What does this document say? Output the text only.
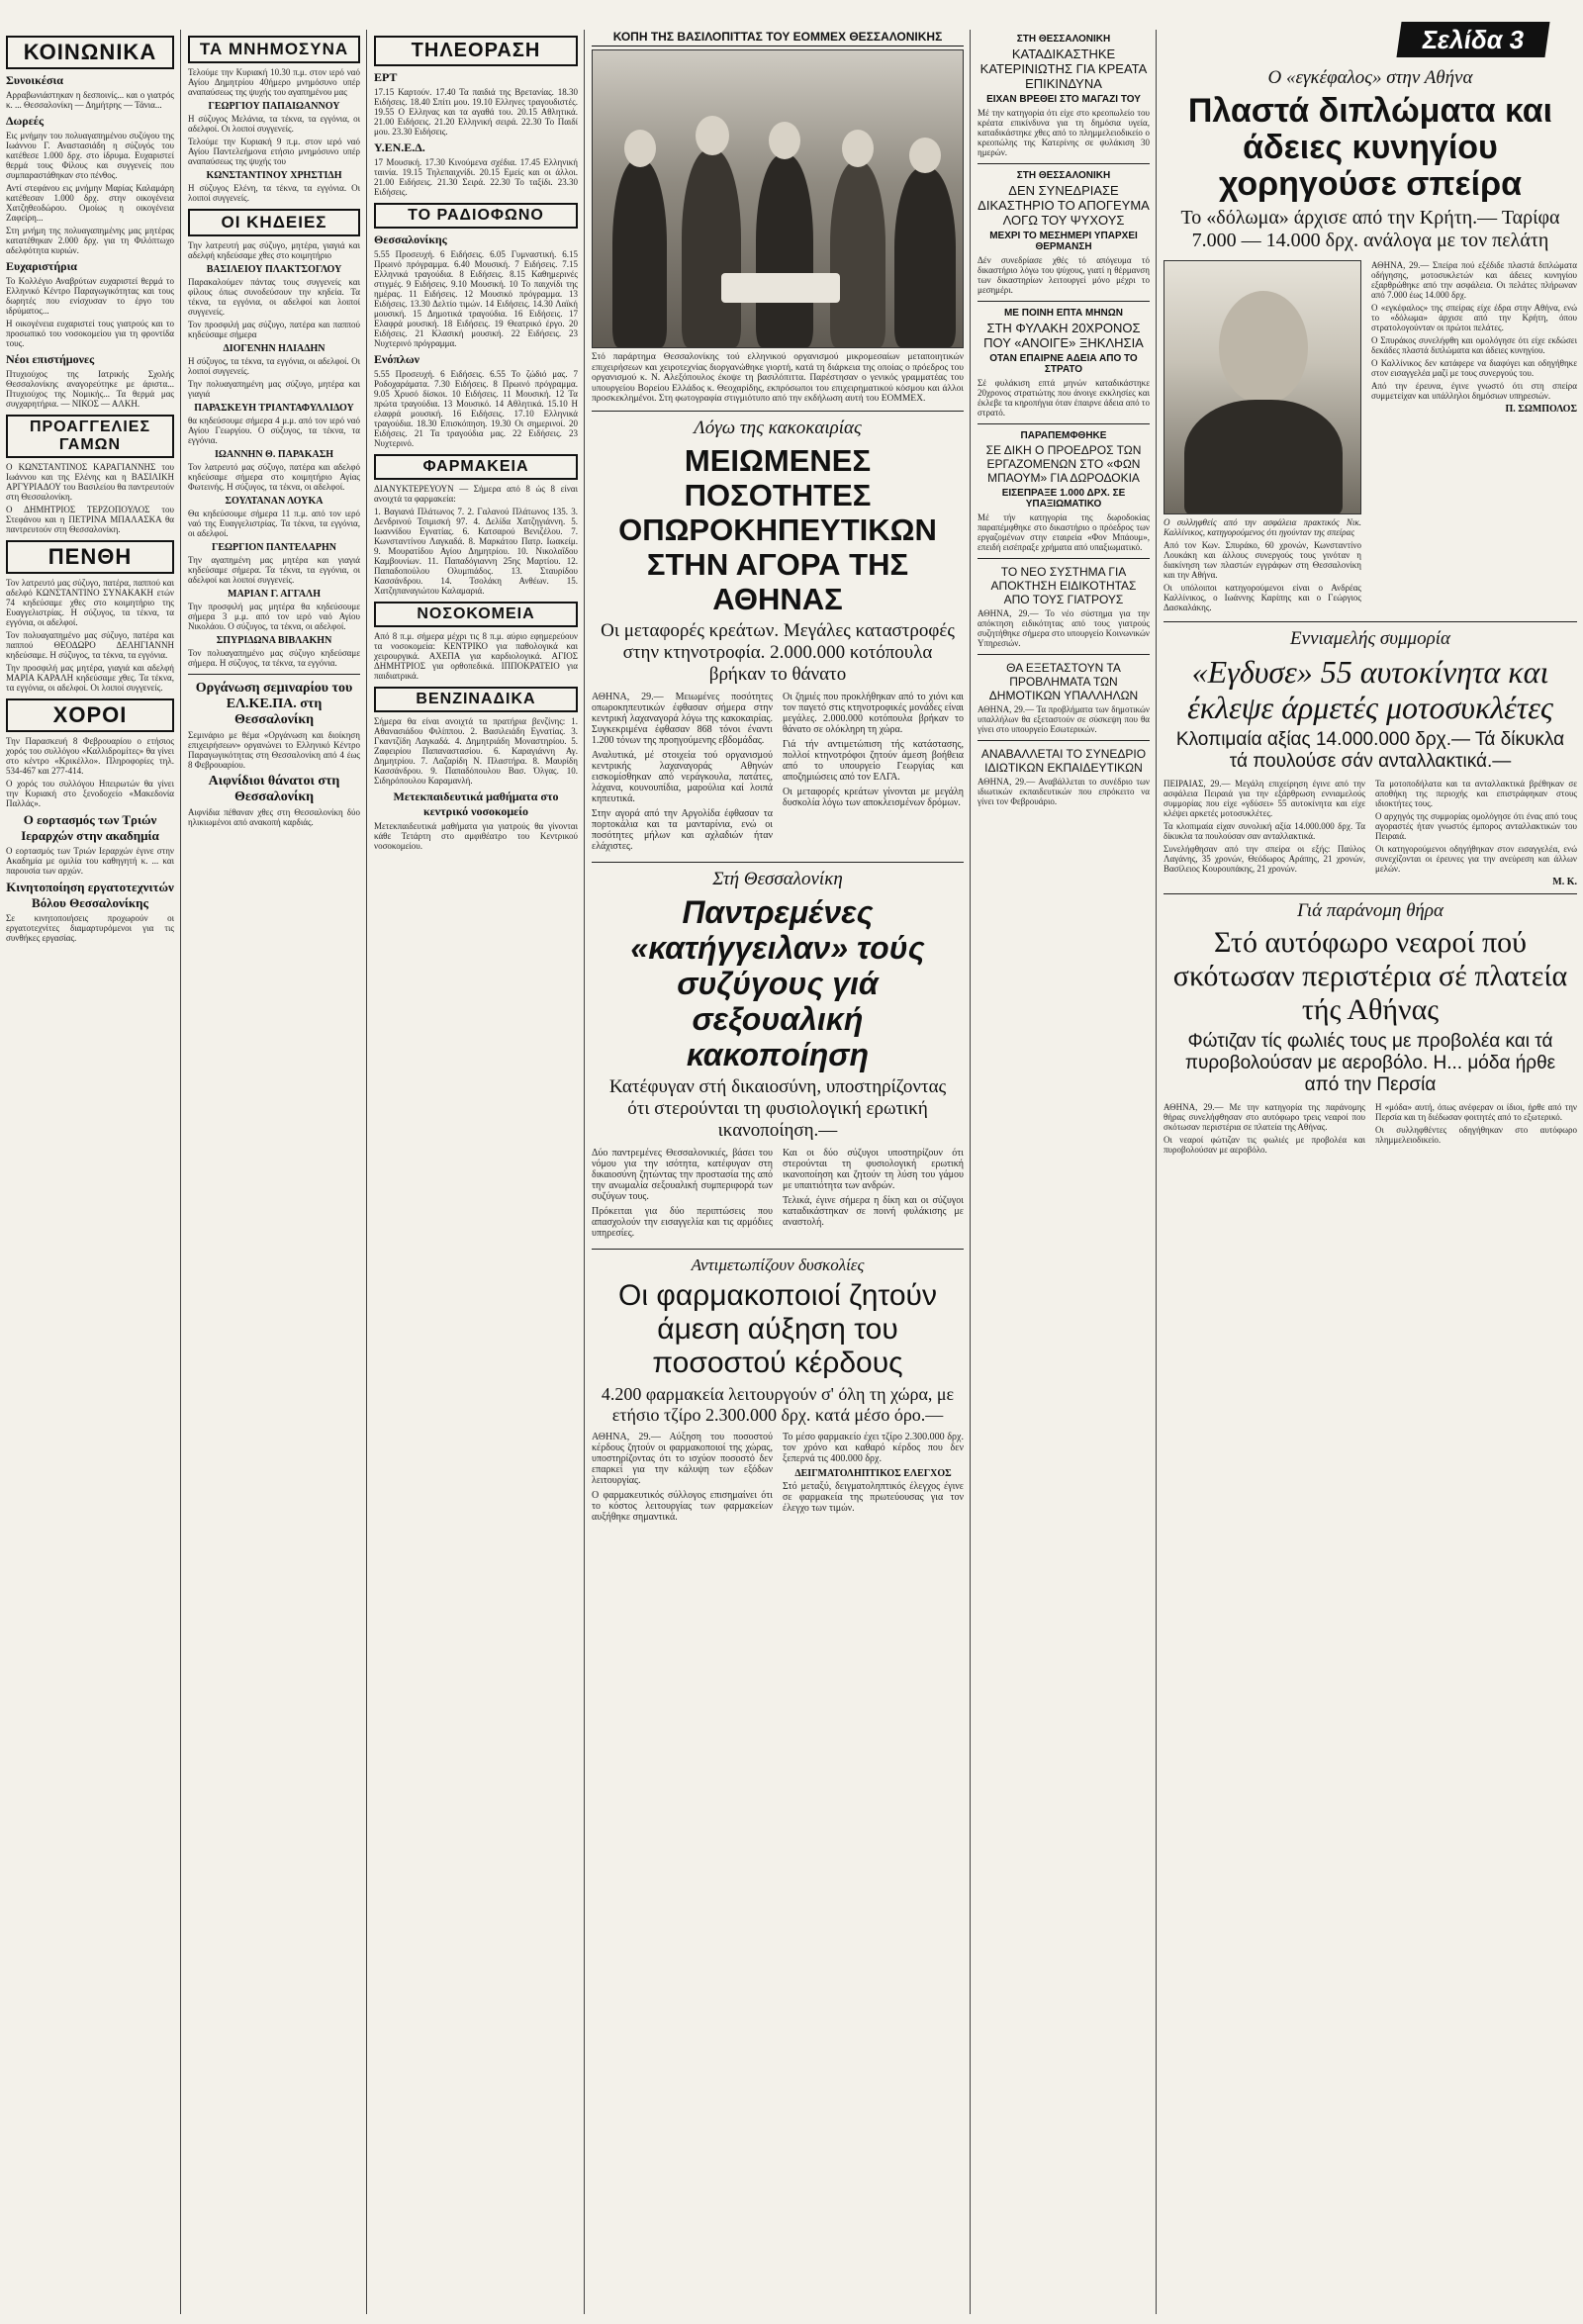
Σελίδα 3
ΚΟΙΝΩΝΙΚΑ
Συνοικέσια

Αρραβωνιάστηκαν η δεσποινίς... και ο γιατρός κ. ... Θεσσαλονίκη — Δημήτρης — Τάνια...

Δωρεές

Εις μνήμην του πολυαγαπημένου συζύγου της Ιωάννου Γ. Αναστασιάδη η σύζυγός του κατέθεσε 1.000 δρχ. στο ίδρυμα. Ευχαριστεί θερμά τους Φίλους και συγγενείς που συμπαραστάθηκαν στο πένθος.

Αντί στεφάνου εις μνήμην Μαρίας Καλαμάρη κατέθεσαν 1.000 δρχ. στην οικογένεια Χατζηθεοδώρου. Ομοίως η οικογένεια Ζαφείρη...

Στη μνήμη της πολυαγαπημένης μας μητέρας κατατέθηκαν 2.000 δρχ. για τη Φιλόπτωχο αδελφότητα κυριών.

Ευχαριστήρια

Το Κολλέγιο Αναβρύτων ευχαριστεί θερμά το Ελληνικό Κέντρο Παραγωγικότητας και τους δωρητές που ενίσχυσαν το έργο του ιδρύματος...

Η οικογένεια ευχαριστεί τους γιατρούς και το προσωπικό του νοσοκομείου για τη φροντίδα τους.

Νέοι επιστήμονες

Πτυχιούχος της Ιατρικής Σχολής Θεσσαλονίκης αναγορεύτηκε με άριστα... Πτυχιούχος της Νομικής... Τα θερμά μας συγχαρητήρια. — ΝΙΚΟΣ — ΑΛΚΗ.

ΠΡΟΑΓΓΕΛΙΕΣ ΓΑΜΩΝ

Ο ΚΩΝΣΤΑΝΤΙΝΟΣ ΚΑΡΑΓΙΑΝΝΗΣ του Ιωάννου και της Ελένης και η ΒΑΣΙΛΙΚΗ ΑΡΓΥΡΙΑΔΟΥ του Βασιλείου θα παντρευτούν στη Θεσσαλονίκη.

Ο ΔΗΜΗΤΡΙΟΣ ΤΕΡΖΟΠΟΥΛΟΣ του Στεφάνου και η ΠΕΤΡΙΝΑ ΜΠΑΛΑΣΚΑ θα παντρευτούν στη Θεσσαλονίκη.

ΠΕΝΘΗ

Τον λατρευτό μας σύζυγο, πατέρα, παππού και αδελφό ΚΩΝΣΤΑΝΤΙΝΟ ΣΥΝΑΚΑΚΗ ετών 74 κηδεύσαμε χθες στο κοιμητήριο της Ευαγγελιστρίας. Η σύζυγος, τα τέκνα, τα εγγόνια, οι αδελφοί.

Τον πολυαγαπημένο μας σύζυγο, πατέρα και παππού ΘΕΟΔΩΡΟ ΔΕΛΗΓΙΑΝΝΗ κηδεύσαμε. Η σύζυγος, τα τέκνα, τα εγγόνια.

Την προσφιλή μας μητέρα, γιαγιά και αδελφή ΜΑΡΙΑ ΚΑΡΑΛΗ κηδεύσαμε χθες. Τα τέκνα, τα εγγόνια, οι αδελφοί. Οι λοιποί συγγενείς.

ΧΟΡΟΙ

Την Παρασκευή 8 Φεβρουαρίου ο ετήσιος χορός του συλλόγου «Καλλιδρομίτες» θα γίνει στο κέντρο «Κρικέλλο». Πληροφορίες τηλ. 534-467 και 277-414.

Ο χορός του συλλόγου Ηπειρωτών θα γίνει την Κυριακή στο ξενοδοχείο «Μακεδονία Παλλάς».

Ο εορτασμός των Τριών Ιεραρχών στην ακαδημία

Ο εορτασμός των Τριών Ιεραρχών έγινε στην Ακαδημία με ομιλία του καθηγητή κ. ... και παρουσία των αρχών.

Κινητοποίηση εργατοτεχνιτών Βόλου Θεσσαλονίκης

Σε κινητοποιήσεις προχωρούν οι εργατοτεχνίτες διαμαρτυρόμενοι για τις συνθήκες εργασίας.

ΤΑ ΜΝΗΜΟΣΥΝΑ

Τελούμε την Κυριακή 10.30 π.μ. στον ιερό ναό Αγίου Δημητρίου 40ήμερο μνημόσυνο υπέρ αναπαύσεως της ψυχής του αγαπημένου μας

ΓΕΩΡΓΙΟΥ ΠΑΠΑΙΩΑΝΝΟΥ

Η σύζυγος Μελάνια, τα τέκνα, τα εγγόνια, οι αδελφοί. Οι λοιποί συγγενείς.

Τελούμε την Κυριακή 9 π.μ. στον ιερό ναό Αγίου Παντελεήμονα ετήσιο μνημόσυνο υπέρ αναπαύσεως της ψυχής του

ΚΩΝΣΤΑΝΤΙΝΟΥ ΧΡΗΣΤΙΔΗ

Η σύζυγος Ελένη, τα τέκνα, τα εγγόνια. Οι λοιποί συγγενείς.

ΟΙ ΚΗΔΕΙΕΣ

Την λατρευτή μας σύζυγο, μητέρα, γιαγιά και αδελφή κηδεύσαμε χθες στο κοιμητήριο

ΒΑΣΙΛΕΙΟΥ ΠΛΑΚΤΣΟΓΛΟΥ

Παρακαλούμεν πάντας τους συγγενείς και φίλους όπως συνοδεύσουν την κηδεία. Τα τέκνα, τα εγγόνια, οι αδελφοί και λοιποί συγγενείς.

Τον προσφιλή μας σύζυγο, πατέρα και παππού κηδεύσαμε σήμερα

ΔΙΟΓΕΝΗΝ ΗΛΙΑΔΗΝ

Η σύζυγος, τα τέκνα, τα εγγόνια, οι αδελφοί. Οι λοιποί συγγενείς.

Την πολυαγαπημένη μας σύζυγο, μητέρα και γιαγιά

ΠΑΡΑΣΚΕΥΗ ΤΡΙΑΝΤΑΦΥΛΛΙΔΟΥ

θα κηδεύσουμε σήμερα 4 μ.μ. από τον ιερό ναό Αγίου Γεωργίου. Ο σύζυγος, τα τέκνα, τα εγγόνια.

ΙΩΑΝΝΗΝ Θ. ΠΑΡΑΚΑΣΗ

Τον λατρευτό μας σύζυγο, πατέρα και αδελφό κηδεύσαμε σήμερα στο κοιμητήριο Αγίας Φωτεινής. Η σύζυγος, τα τέκνα, οι αδελφοί.

ΣΟΥΛΤΑΝΑΝ ΛΟΥΚΑ

Θα κηδεύσουμε σήμερα 11 π.μ. από τον ιερό ναό της Ευαγγελιστρίας. Τα τέκνα, τα εγγόνια, οι αδελφοί.

ΓΕΩΡΓΙΟΝ ΠΑΝΤΕΛΑΡΗΝ

Την αγαπημένη μας μητέρα και γιαγιά κηδεύσαμε σήμερα. Τα τέκνα, τα εγγόνια, οι αδελφοί και λοιποί συγγενείς.

ΜΑΡΙΑΝ Γ. ΑΓΓΑΛΗ

Την προσφιλή μας μητέρα θα κηδεύσουμε σήμερα 3 μ.μ. από τον ιερό ναό Αγίου Νικολάου. Ο σύζυγος, τα τέκνα, οι αδελφοί.

ΣΠΥΡΙΔΩΝΑ ΒΙΒΛΑΚΗΝ

Τον πολυαγαπημένο μας σύζυγο κηδεύσαμε σήμερα. Η σύζυγος, τα τέκνα, τα εγγόνια.

Οργάνωση σεμιναρίου του ΕΛ.ΚΕ.ΠΑ. στη Θεσσαλονίκη

Σεμινάριο με θέμα «Οργάνωση και διοίκηση επιχειρήσεων» οργανώνει το Ελληνικό Κέντρο Παραγωγικότητας στη Θεσσαλονίκη από 4 έως 8 Φεβρουαρίου.

Αιφνίδιοι θάνατοι στη Θεσσαλονίκη

Αιφνίδια πέθαναν χθες στη Θεσσαλονίκη δύο ηλικιωμένοι από ανακοπή καρδιάς.

ΤΗΛΕΟΡΑΣΗ
ΕΡΤ

17.15 Καρτούν. 17.40 Τα παιδιά της Βρετανίας. 18.30 Ειδήσεις. 18.40 Σπίτι μου. 19.10 Ελληνες τραγουδιστές. 19.55 Ο Ελληνας και τα αγαθά του. 20.15 Αθλητικά. 21.00 Ειδήσεις. 21.20 Ελληνική σειρά. 22.30 Το Παιδί μου. 23.30 Ειδήσεις.

Υ.ΕΝ.Ε.Δ.

17 Μουσική. 17.30 Κινούμενα σχέδια. 17.45 Ελληνική ταινία. 19.15 Τηλεπαιχνίδι. 20.15 Εμείς και οι άλλοι. 21.00 Ειδήσεις. 21.30 Σειρά. 22.30 Το ταξίδι. 23.30 Ειδήσεις.

ΤΟ ΡΑΔΙΟΦΩΝΟ
Θεσσαλονίκης

5.55 Προσευχή. 6 Ειδήσεις. 6.05 Γυμναστική. 6.15 Πρωινό πρόγραμμα. 6.40 Μουσική. 7 Ειδήσεις. 7.15 Ελληνικά τραγούδια. 8 Ειδήσεις. 8.15 Καθημερινές στιγμές. 9 Ειδήσεις. 9.10 Μουσική. 10 Το παιχνίδι της ημέρας. 11 Ειδήσεις. 12 Μουσικό πρόγραμμα. 13 Ειδήσεις. 13.30 Δελτίο τιμών. 14 Ειδήσεις. 14.30 Λαϊκή μουσική. 15 Δημοτικά τραγούδια. 16 Ειδήσεις. 17 Ελαφρά μουσική. 18 Ειδήσεις. 19 Θεατρικό έργο. 20 Ειδήσεις. 21 Κλασική μουσική. 22 Ειδήσεις. 23 Νυχτερινό πρόγραμμα.

Ενόπλων

5.55 Προσευχή. 6 Ειδήσεις. 6.55 Το ζώδιό μας. 7 Ροδοχαράματα. 7.30 Ειδήσεις. 8 Πρωινό πρόγραμμα. 9.05 Χρυσό δίσκοι. 10 Ειδήσεις. 11 Μουσική. 12 Τα πρώτα τραγούδια. 13 Μουσικό. 14 Αθλητικά. 15.10 Η ελαφρά μουσική. 16 Ειδήσεις. 17.10 Ελληνικά τραγούδια. 18.30 Επισκόπηση. 19.30 Οι σημερινοί. 20 Ειδήσεις. 21 Τα τραγούδια μας. 22 Ειδήσεις. 23 Νυχτερινό.

ΦΑΡΜΑΚΕΙΑ

ΔΙΑΝΥΚΤΕΡΕΥΟΥΝ — Σήμερα από 8 ώς 8 είναι ανοιχτά τα φαρμακεία:

1. Βαγιανά Πλάτωνος 7. 2. Γαλανού Πλάτωνος 135. 3. Δενδρινού Τσιμισκή 97. 4. Δελίδα Χατζηγιάννη. 5. Ιωαννίδου Εγνατίας. 6. Κατσαρού Βενιζέλου. 7. Κωνσταντίνου Λαγκαδά. 8. Μαρκάτου Πατρ. Ιωακείμ. 9. Μουρατίδου Αγίου Δημητρίου. 10. Νικολαΐδου Καμβουνίων. 11. Παπαδόγιαννη 25ης Μαρτίου. 12. Παπαδοπούλου Ολυμπιάδος. 13. Σταυρίδου Κασσάνδρου. 14. Τσολάκη Ανθέων. 15. Χατζηπαναγιώτου Καλαμαριά.

ΝΟΣΟΚΟΜΕΙΑ

Από 8 π.μ. σήμερα μέχρι τις 8 π.μ. αύριο εφημερεύουν τα νοσοκομεία: ΚΕΝΤΡΙΚΟ για παθολογικά και χειρουργικά. ΑΧΕΠΑ για καρδιολογικά. ΑΓΙΟΣ ΔΗΜΗΤΡΙΟΣ για ορθοπεδικά. ΙΠΠΟΚΡΑΤΕΙΟ για παιδιατρικά.

ΒΕΝΖΙΝΑΔΙΚΑ

Σήμερα θα είναι ανοιχτά τα πρατήρια βενζίνης: 1. Αθανασιάδου Φιλίππου. 2. Βασιλειάδη Εγνατίας. 3. Γκαντζίδη Λαγκαδά. 4. Δημητριάδη Μοναστηρίου. 5. Ζαφειρίου Παπαναστασίου. 6. Καραγιάννη Αγ. Δημητρίου. 7. Λαζαρίδη Ν. Πλαστήρα. 8. Μαυρίδη Κασσάνδρου. 9. Παπαδόπουλου Βασ. Όλγας. 10. Σιδηρόπουλου Καραμανλή.

Μετεκπαιδευτικά μαθήματα στο κεντρικό νοσοκομείο

Μετεκπαιδευτικά μαθήματα για γιατρούς θα γίνονται κάθε Τετάρτη στο αμφιθέατρο του Κεντρικού νοσοκομείου.

ΚΟΠΗ ΤΗΣ ΒΑΣΙΛΟΠΙΤΤΑΣ ΤΟΥ ΕΟΜΜΕΧ ΘΕΣΣΑΛΟΝΙΚΗΣ

Στό παράρτημα Θεσσαλονίκης τού ελληνικού οργανισμού μικρομεσαίων μεταποιητικών επιχειρήσεων και χειροτεχνίας διοργανώθηκε γιορτή, κατά τη διάρκεια της οποίας ο πρόεδρος του οργανισμού κ. Ν. Αλεξόπουλος έκοψε τη βασιλόπιττα. Παρέστησαν ο γενικός γραμματέας του υπουργείου Βορείου Ελλάδος κ. Θεοχαρίδης, εκπρόσωποι του επιχειρηματικού κόσμου και άλλοι προσκεκλημένοι. Στη φωτογραφία στιγμιότυπο από την εκδήλωση αυτή του ΕΟΜΜΕΧ.

Λόγω της κακοκαιρίας
ΜΕΙΩΜΕΝΕΣ ΠΟΣΟΤΗΤΕΣ ΟΠΩΡΟΚΗΠΕΥΤΙΚΩΝ ΣΤΗΝ ΑΓΟΡΑ ΤΗΣ ΑΘΗΝΑΣ
Οι μεταφορές κρεάτων. Μεγάλες καταστροφές στην κτηνοτροφία. 2.000.000 κοτόπουλα βρήκαν το θάνατο

ΑΘΗΝΑ, 29.— Μειωμένες ποσότητες οπωροκηπευτικών έφθασαν σήμερα στην κεντρική λαχαναγορά λόγω της κακοκαιρίας. Συγκεκριμένα έφθασαν 868 τόνοι έναντι 1.200 τόνων της προηγούμενης εβδομάδας.

Αναλυτικά, μέ στοιχεία τού οργανισμού κεντρικής λαχαναγοράς Αθηνών εισκομίσθηκαν από νεράγκουλα, πατάτες, λάχανα, κουνουπίδια, μαρούλια καί λοιπά κηπευτικά.

Στην αγορά από την Αργολίδα έφθασαν τα πορτοκάλια και τα μανταρίνια, ενώ οι ποσότητες μήλων και αχλαδιών ήταν ελάχιστες.

Οι ζημιές που προκλήθηκαν από το χιόνι και τον παγετό στις κτηνοτροφικές μονάδες είναι μεγάλες. 2.000.000 κοτόπουλα βρήκαν το θάνατο σε ολόκληρη τη χώρα.

Γιά τήν αντιμετώπιση τής κατάστασης, πολλοί κτηνοτρόφοι ζητούν άμεση βοήθεια από το υπουργείο Γεωργίας και αποζημιώσεις από τον ΕΛΓΑ.

Οι μεταφορές κρεάτων γίνονται με μεγάλη δυσκολία λόγω των αποκλεισμένων δρόμων.

Στή Θεσσαλονίκη
Παντρεμένες «κατήγγειλαν» τούς συζύγους γιά σεξουαλική κακοποίηση
Κατέφυγαν στή δικαιοσύνη, υποστηρίζοντας ότι στερούνται τη φυσιολογική ερωτική ικανοποίηση.—

Δύο παντρεμένες Θεσσαλονικιές, βάσει του νόμου για την ισότητα, κατέφυγαν στη δικαιοσύνη ζητώντας την προστασία της από την ανωμαλία σεξουαλική συμπεριφορά των συζύγων τους.

Πρόκειται για δύο περιπτώσεις που απασχολούν την εισαγγελία και τις αρμόδιες υπηρεσίες.

Και οι δύο σύζυγοι υποστηρίζουν ότι στερούνται τη φυσιολογική ερωτική ικανοποίηση και ζητούν τη λύση του γάμου με υπαιτιότητα των ανδρών.

Τελικά, έγινε σήμερα η δίκη και οι σύζυγοι καταδικάστηκαν σε ποινή φυλάκισης με αναστολή.

Αντιμετωπίζουν δυσκολίες
Οι φαρμακοποιοί ζητούν άμεση αύξηση του ποσοστού κέρδους
4.200 φαρμακεία λειτουργούν σ' όλη τη χώρα, με ετήσιο τζίρο 2.300.000 δρχ. κατά μέσο όρο.—

ΑΘΗΝΑ, 29.— Αύξηση του ποσοστού κέρδους ζητούν οι φαρμακοποιοί της χώρας, υποστηρίζοντας ότι το ισχύον ποσοστό δεν επαρκεί για την κάλυψη των εξόδων λειτουργίας.

Ο φαρμακευτικός σύλλογος επισημαίνει ότι το κόστος λειτουργίας των φαρμακείων αυξήθηκε σημαντικά.

Το μέσο φαρμακείο έχει τζίρο 2.300.000 δρχ. τον χρόνο και καθαρό κέρδος που δεν ξεπερνά τις 400.000 δρχ.

ΔΕΙΓΜΑΤΟΛΗΠΤΙΚΟΣ ΕΛΕΓΧΟΣ

Στό μεταξύ, δειγματοληπτικός έλεγχος έγινε σε φαρμακεία της πρωτεύουσας για τον έλεγχο των τιμών.

ΣΤΗ ΘΕΣΣΑΛΟΝΙΚΗ
ΚΑΤΑΔΙΚΑΣΤΗΚΕ ΚΑΤΕΡΙΝΙΩΤΗΣ ΓΙΑ ΚΡΕΑΤΑ ΕΠΙΚΙΝΔΥΝΑ
ΕΙΧΑΝ ΒΡΕΘΕΙ ΣΤΟ ΜΑΓΑΖΙ ΤΟΥ

Μέ την κατηγορία ότι είχε στο κρεοπωλείο του κρέατα επικίνδυνα για τη δημόσια υγεία, καταδικάστηκε χθες από το πλημμελειοδικείο ο κρεοπώλης της Κατερίνης σε φυλάκιση 30 ημερών.

ΣΤΗ ΘΕΣΣΑΛΟΝΙΚΗ
ΔΕΝ ΣΥΝΕΔΡΙΑΣΕ ΔΙΚΑΣΤΗΡΙΟ ΤΟ ΑΠΟΓΕΥΜΑ ΛΟΓΩ ΤΟΥ ΨΥΧΟΥΣ
ΜΕΧΡΙ ΤΟ ΜΕΣΗΜΕΡΙ ΥΠΑΡΧΕΙ ΘΕΡΜΑΝΣΗ

Δέν συνεδρίασε χθές τό απόγευμα τό δικαστήριο λόγω του ψύχους, γιατί η θέρμανση των δικαστηρίων λειτουργεί μόνο μέχρι το μεσημέρι.

ΜΕ ΠΟΙΝΗ ΕΠΤΑ ΜΗΝΩΝ
ΣΤΗ ΦΥΛΑΚΗ 20ΧΡΟΝΟΣ ΠΟΥ «ΑΝΟΙΓΕ» ΞΗΚΛΗΣΙΑ
ΟΤΑΝ ΕΠΑΙΡΝΕ ΑΔΕΙΑ ΑΠΟ ΤΟ ΣΤΡΑΤΟ

Σέ φυλάκιση επτά μηνών καταδικάστηκε 20χρονος στρατιώτης που άνοιγε εκκλησίες και έκλεβε τα κηροπήγια όταν έπαιρνε άδεια από το στρατό.

ΠΑΡΑΠΕΜΦΘΗΚΕ
ΣΕ ΔΙΚΗ Ο ΠΡΟΕΔΡΟΣ ΤΩΝ ΕΡΓΑΖΟΜΕΝΩΝ ΣΤΟ «ΦΩΝ ΜΠΑΟΥΜ» ΓΙΑ ΔΩΡΟΔΟΚΙΑ
ΕΙΣΕΠΡΑΞΕ 1.000 ΔΡΧ. ΣΕ ΥΠΑΞΙΩΜΑΤΙΚΟ

Μέ τήν κατηγορία της δωροδοκίας παραπέμφθηκε στο δικαστήριο ο πρόεδρος των εργαζομένων στην εταιρεία «Φον Μπάουμ», επειδή εισέπραξε χρήματα από υπαξιωματικό.

ΤΟ ΝΕΟ ΣΥΣΤΗΜΑ ΓΙΑ ΑΠΟΚΤΗΣΗ ΕΙΔΙΚΟΤΗΤΑΣ ΑΠΟ ΤΟΥΣ ΓΙΑΤΡΟΥΣ

ΑΘΗΝΑ, 29.— Το νέο σύστημα για την απόκτηση ειδικότητας από τους γιατρούς συζητήθηκε σήμερα στο υπουργείο Κοινωνικών Υπηρεσιών.

ΘΑ ΕΞΕΤΑΣΤΟΥΝ ΤΑ ΠΡΟΒΛΗΜΑΤΑ ΤΩΝ ΔΗΜΟΤΙΚΩΝ ΥΠΑΛΛΗΛΩΝ

ΑΘΗΝΑ, 29.— Τα προβλήματα των δημοτικών υπαλλήλων θα εξεταστούν σε σύσκεψη που θα γίνει στο υπουργείο Εσωτερικών.

ΑΝΑΒΑΛΛΕΤΑΙ ΤΟ ΣΥΝΕΔΡΙΟ ΙΔΙΩΤΙΚΩΝ ΕΚΠΑΙΔΕΥΤΙΚΩΝ

ΑΘΗΝΑ, 29.— Αναβάλλεται το συνέδριο των ιδιωτικών εκπαιδευτικών που επρόκειτο να γίνει τον Φεβρουάριο.

Ο «εγκέφαλος» στην Αθήνα
Πλαστά διπλώματα και άδειες κυνηγίου χορηγούσε σπείρα
Το «δόλωμα» άρχισε από την Κρήτη.— Ταρίφα 7.000 — 14.000 δρχ. ανάλογα με τον πελάτη

Ο συλληφθείς από την ασφάλεια πρακτικός Νικ. Καλλίνικος, κατηγορούμενος ότι ηγούνταν της σπείρας

Από τον Κων. Σπυράκο, 60 χρονών, Κωνσταντίνο Λουκάκη και άλλους συνεργούς τους γινόταν η διακίνηση των πλαστών εγγράφων στη Θεσσαλονίκη και την Αθήνα.

Οι υπόλοιποι κατηγορούμενοι είναι ο Ανδρέας Καλλίνικος, ο Ιωάννης Καρίπης και ο Γεώργιος Δασκαλάκης.

ΑΘΗΝΑ, 29.— Σπείρα πού εξέδιδε πλαστά διπλώματα οδήγησης, μοτοσυκλετών και άδειες κυνηγίου εξαρθρώθηκε από την ασφάλεια. Οι πελάτες πλήρωναν από 7.000 έως 14.000 δρχ.

Ο «εγκέφαλος» της σπείρας είχε έδρα στην Αθήνα, ενώ το «δόλωμα» άρχισε από την Κρήτη, όπου στρατολογούνταν οι πρώτοι πελάτες.

Ο Σπυράκος συνελήφθη και ομολόγησε ότι είχε εκδώσει δεκάδες πλαστά διπλώματα και άδειες κυνηγίου.

Ο Καλλίνικος δεν κατάφερε να διαφύγει και οδηγήθηκε στον εισαγγελέα μαζί με τους συνεργούς του.

Από την έρευνα, έγινε γνωστό ότι στη σπείρα συμμετείχαν και υπάλληλοι δημόσιων υπηρεσιών.

Π. ΣΩΜΠΟΛΟΣ
Εννιαμελής συμμορία
«Εγδυσε» 55 αυτοκίνητα και έκλεψε άρμετές μοτοσυκλέτες
Κλοπιμαία αξίας 14.000.000 δρχ.— Τά δίκυκλα τά πουλούσε σάν ανταλλακτικά.—

ΠΕΙΡΑΙΑΣ, 29.— Μεγάλη επιχείρηση έγινε από την ασφάλεια Πειραιά για την εξάρθρωση εννιαμελούς συμμορίας που είχε «γδύσει» 55 αυτοκίνητα και είχε κλέψει αρκετές μοτοσυκλέτες.

Τα κλοπιμαία είχαν συνολική αξία 14.000.000 δρχ. Τα δίκυκλα τα πουλούσαν σαν ανταλλακτικά.

Συνελήφθησαν από την σπείρα οι εξής: Παύλος Λαγάνης, 35 χρονών, Θεόδωρος Αράπης, 21 χρονών, Βασίλειος Κουρουπάκης, 21 χρονών.

Τα μοτοποδήλατα και τα ανταλλακτικά βρέθηκαν σε αποθήκη της περιοχής και επιστράφηκαν στους ιδιοκτήτες τους.

Ο αρχηγός της συμμορίας ομολόγησε ότι ένας από τους αγοραστές ήταν γνωστός έμπορος ανταλλακτικών του Πειραιά.

Οι κατηγορούμενοι οδηγήθηκαν στον εισαγγελέα, ενώ συνεχίζονται οι έρευνες για την ανεύρεση και άλλων μελών.

Μ. Κ.
Γιά παράνομη θήρα
Στό αυτόφωρο νεαροί πού σκότωσαν περιστέρια σέ πλατεία τής Αθήνας
Φώτιζαν τίς φωλιές τους με προβολέα και τά πυροβολούσαν με αεροβόλο. Η... μόδα ήρθε από την Περσία

ΑΘΗΝΑ, 29.— Με την κατηγορία της παράνομης θήρας συνελήφθησαν στο αυτόφωρο τρεις νεαροί που σκότωσαν περιστέρια σε πλατεία της Αθήνας.

Οι νεαροί φώτιζαν τις φωλιές με προβολέα και πυροβολούσαν με αεροβόλο.

Η «μόδα» αυτή, όπως ανέφεραν οι ίδιοι, ήρθε από την Περσία και τη διέδωσαν φοιτητές από το εξωτερικό.

Οι συλληφθέντες οδηγήθηκαν στο αυτόφωρο πλημμελειοδικείο.
